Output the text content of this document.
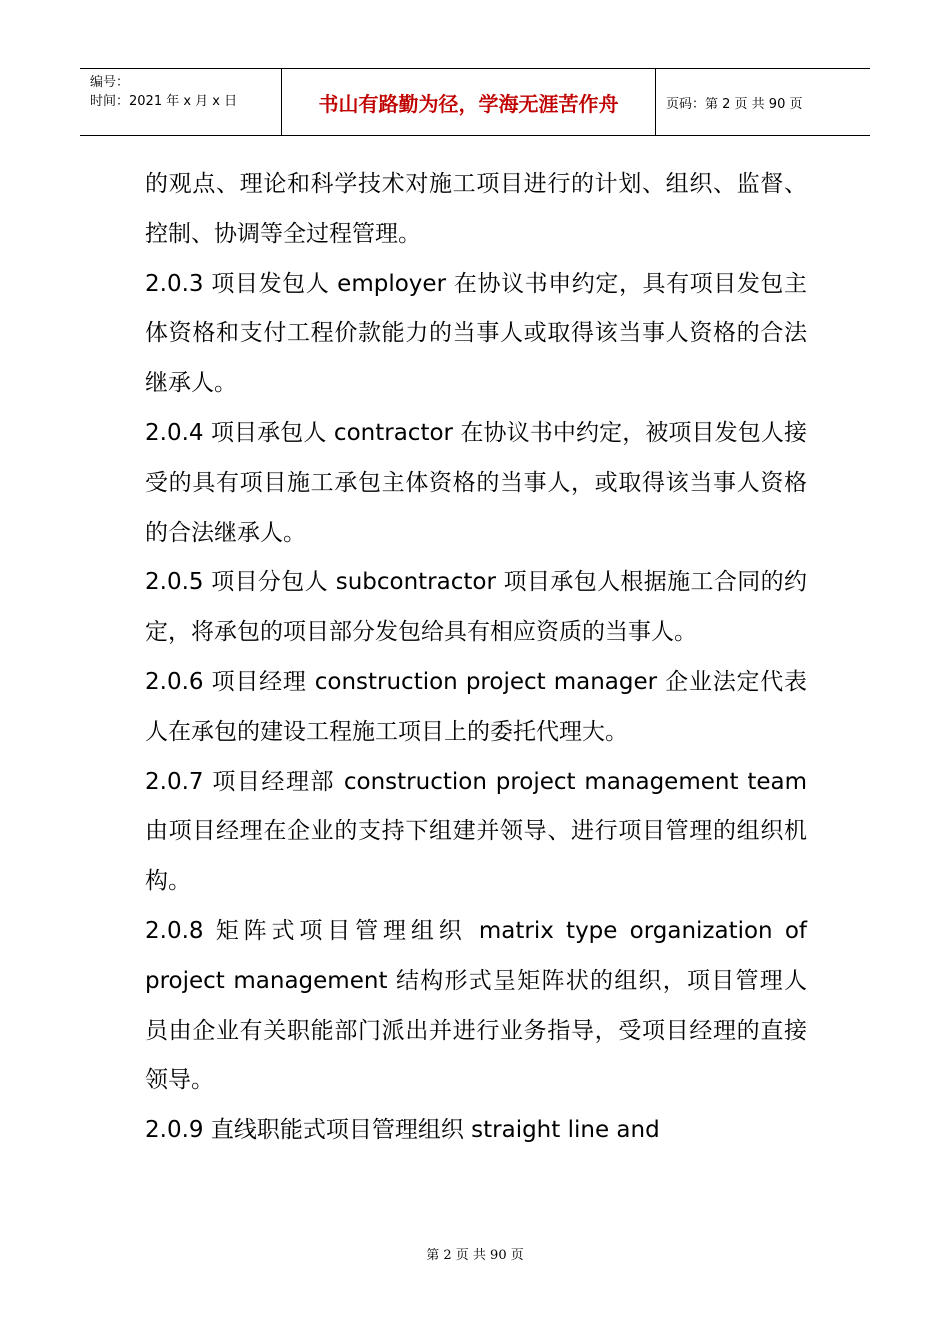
编号：
时间：2021 年 x 月 x 日	书山有路勤为径，学海无涯苦作舟	页码：第 2 页 共 90 页

的观点、理论和科学技术对施工项目进行的计划、组织、监督、控制、协调等全过程管理。

2.0.3 项目发包人 employer 在协议书申约定，具有项目发包主体资格和支付工程价款能力的当事人或取得该当事人资格的合法继承人。

2.0.4 项目承包人 contractor 在协议书中约定，被项目发包人接受的具有项目施工承包主体资格的当事人，或取得该当事人资格的合法继承人。

2.0.5 项目分包人 subcontractor 项目承包人根据施工合同的约定，将承包的项目部分发包给具有相应资质的当事人。

2.0.6 项目经理 construction project manager 企业法定代表人在承包的建设工程施工项目上的委托代理大。

2.0.7 项目经理部 construction project management team 由项目经理在企业的支持下组建并领导、进行项目管理的组织机构。

2.0.8 矩阵式项目管理组织 matrix type organization of project management 结构形式呈矩阵状的组织，项目管理人员由企业有关职能部门派出并进行业务指导，受项目经理的直接领导。

2.0.9 直线职能式项目管理组织 straight line and

第 2 页 共 90 页
